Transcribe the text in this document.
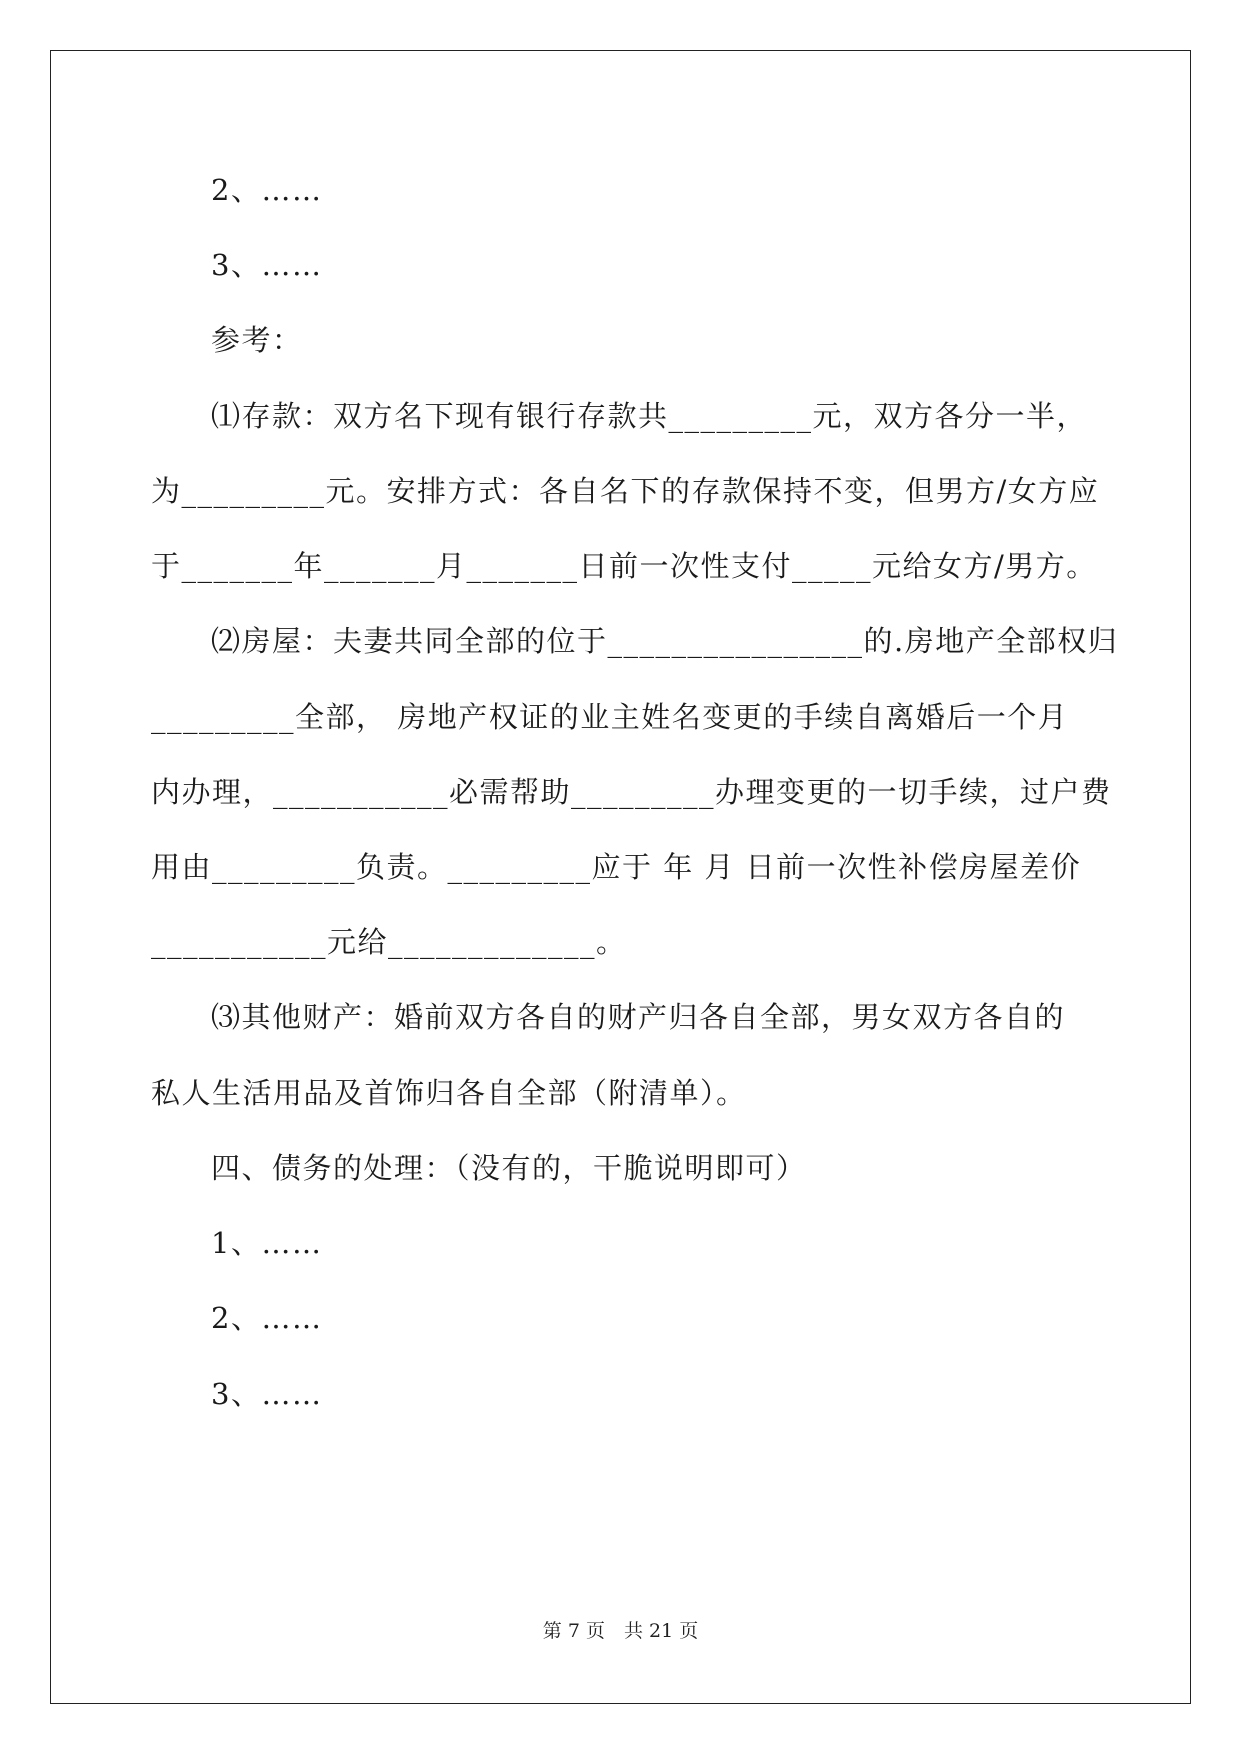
2、……
3、……
参考：
⑴存款：双方名下现有银行存款共_________元，双方各分一半，
为_________元。安排方式：各自名下的存款保持不变，但男方/女方应
于_______年_______月_______日前一次性支付_____元给女方/男方。
⑵房屋：夫妻共同全部的位于________________的.房地产全部权归
_________全部， 房地产权证的业主姓名变更的手续自离婚后一个月
内办理，___________必需帮助_________办理变更的一切手续，过户费
用由_________负责。_________应于 年 月 日前一次性补偿房屋差价
___________元给_____________。
⑶其他财产：婚前双方各自的财产归各自全部，男女双方各自的
私人生活用品及首饰归各自全部（附清单）。
四、债务的处理：（没有的，干脆说明即可）
1、……
2、……
3、……
第 7 页　共 21 页
